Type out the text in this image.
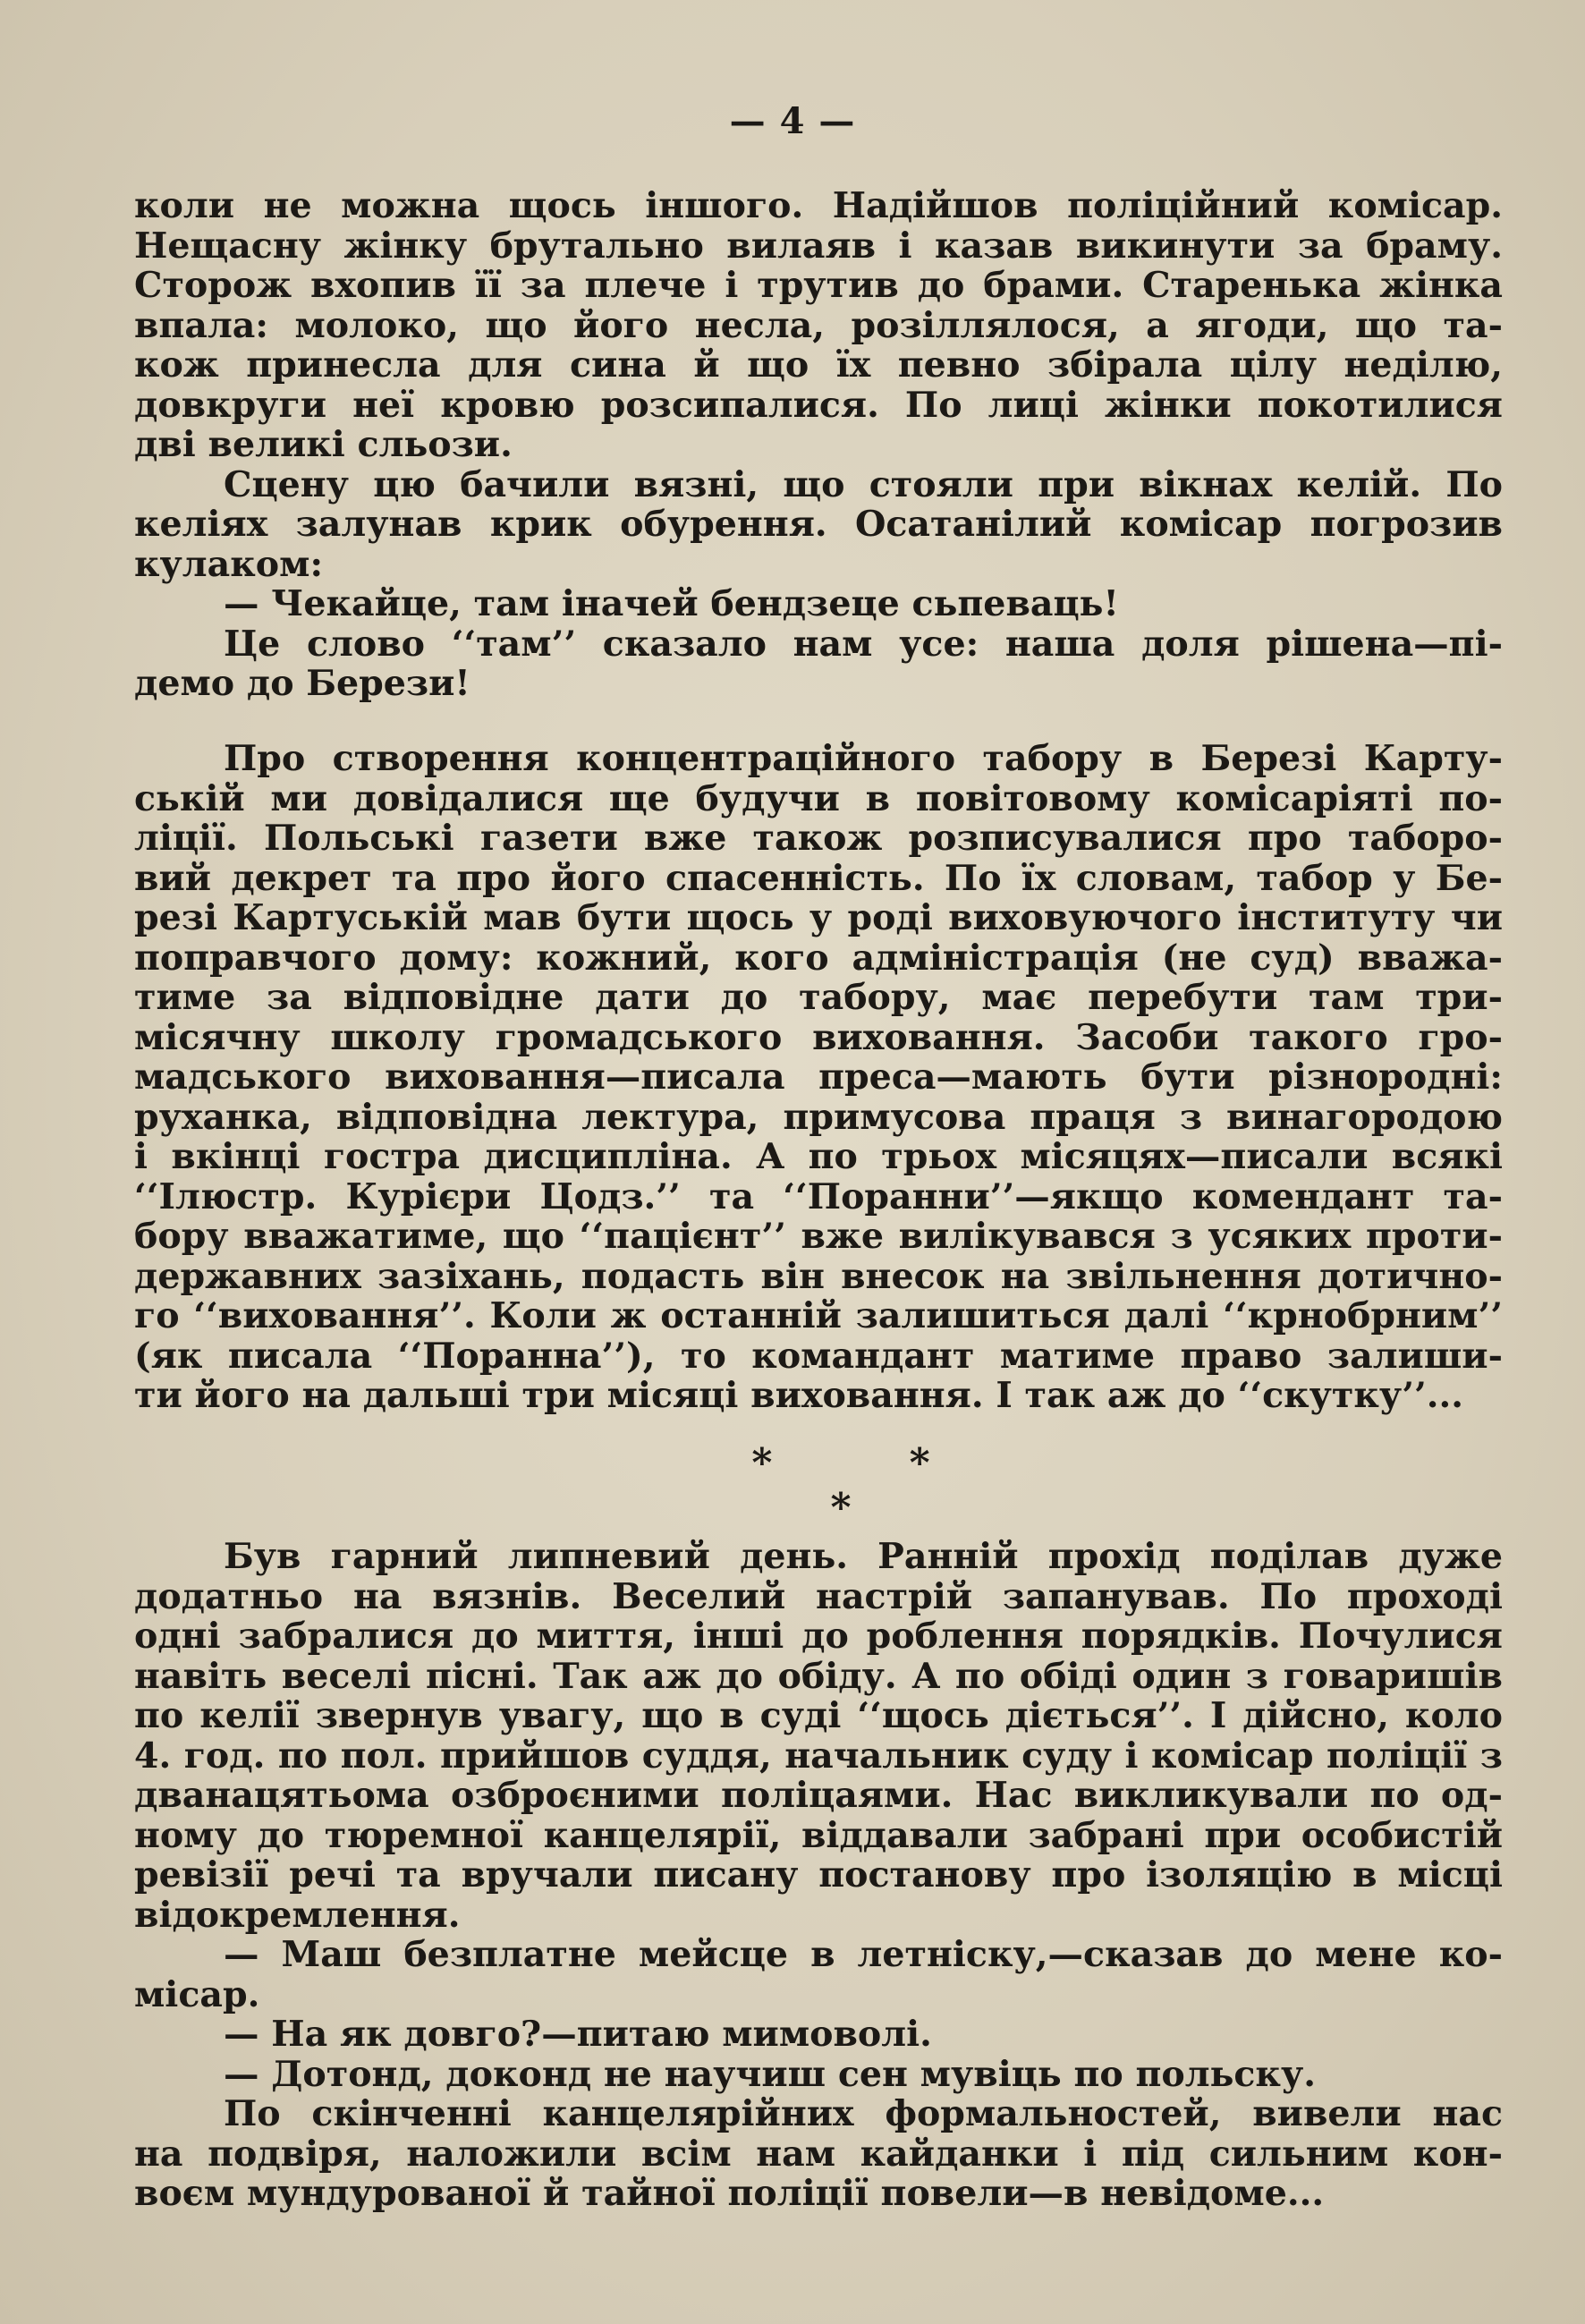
— 4 —
коли не можна щось іншого. Надійшов поліційний комісар.
Нещасну жінку брутально вилаяв і казав викинути за браму.
Сторож вхопив її за плече і трутив до брами. Старенька жінка
впала: молоко, що його несла, розіллялося, а ягоди, що та-
кож принесла для сина й що їх певно збірала цілу неділю,
довкруги неї кровю розсипалися. По лиці жінки покотилися
дві великі сльози.
Сцену цю бачили вязні, що стояли при вікнах келій. По
келіях залунав крик обурення. Осатанілий комісар погрозив
кулаком:
— Чекайце, там іначей бендзеце сьпеваць!
Це слово ‘‘там’’ сказало нам усе: наша доля рішена—пі-
демо до Берези!
Про створення концентраційного табору в Березі Карту-
ській ми довідалися ще будучи в повітовому комісаріяті по-
ліції. Польські газети вже також розписувалися про таборо-
вий декрет та про його спасенність. По їх словам, табор у Бе-
резі Картуській мав бути щось у роді виховуючого інституту чи
поправчого дому: кожний, кого адміністрація (не суд) вважа-
тиме за відповідне дати до табору, має перебути там три-
місячну школу громадського виховання. Засоби такого гро-
мадського виховання—писала преса—мають бути різнородні:
руханка, відповідна лектура, примусова праця з винагородою
і вкінці гостра дисципліна. А по трьох місяцях—писали всякі
‘‘Ілюстр. Курієри Цодз.’’ та ‘‘Поранни’’—якщо комендант та-
бору вважатиме, що ‘‘пацієнт’’ вже вилікувався з усяких проти-
державних зазіхань, подасть він внесок на звільнення дотично-
го ‘‘виховання’’. Коли ж останній залишиться далі ‘‘крнобрним’’
(як писала ‘‘Поранна’’), то командант матиме право залиши-
ти його на дальші три місяці виховання. І так аж до ‘‘скутку’’...
*          *
*
Був гарний липневий день. Ранній прохід поділав дуже
додатньо на вязнів. Веселий настрій запанував. По проході
одні забралися до миття, інші до роблення порядків. Почулися
навіть веселі пісні. Так аж до обіду. А по обіді один з говаришів
по келії звернув увагу, що в суді ‘‘щось діється’’. І дійсно, коло
4. год. по пол. прийшов суддя, начальник суду і комісар поліції з
дванацятьома озброєними поліцаями. Нас викликували по од-
ному до тюремної канцелярії, віддавали забрані при особистій
ревізії речі та вручали писану постанову про ізоляцію в місці
відокремлення.
— Маш безплатне мейсце в летніску,—сказав до мене ко-
місар.
— На як довго?—питаю мимоволі.
— Дотонд, доконд не научиш сен мувіць по польску.
По скінченні канцелярійних формальностей, вивели нас
на подвіря, наложили всім нам кайданки і під сильним кон-
воєм мундурованої й тайної поліції повели—в невідоме...
